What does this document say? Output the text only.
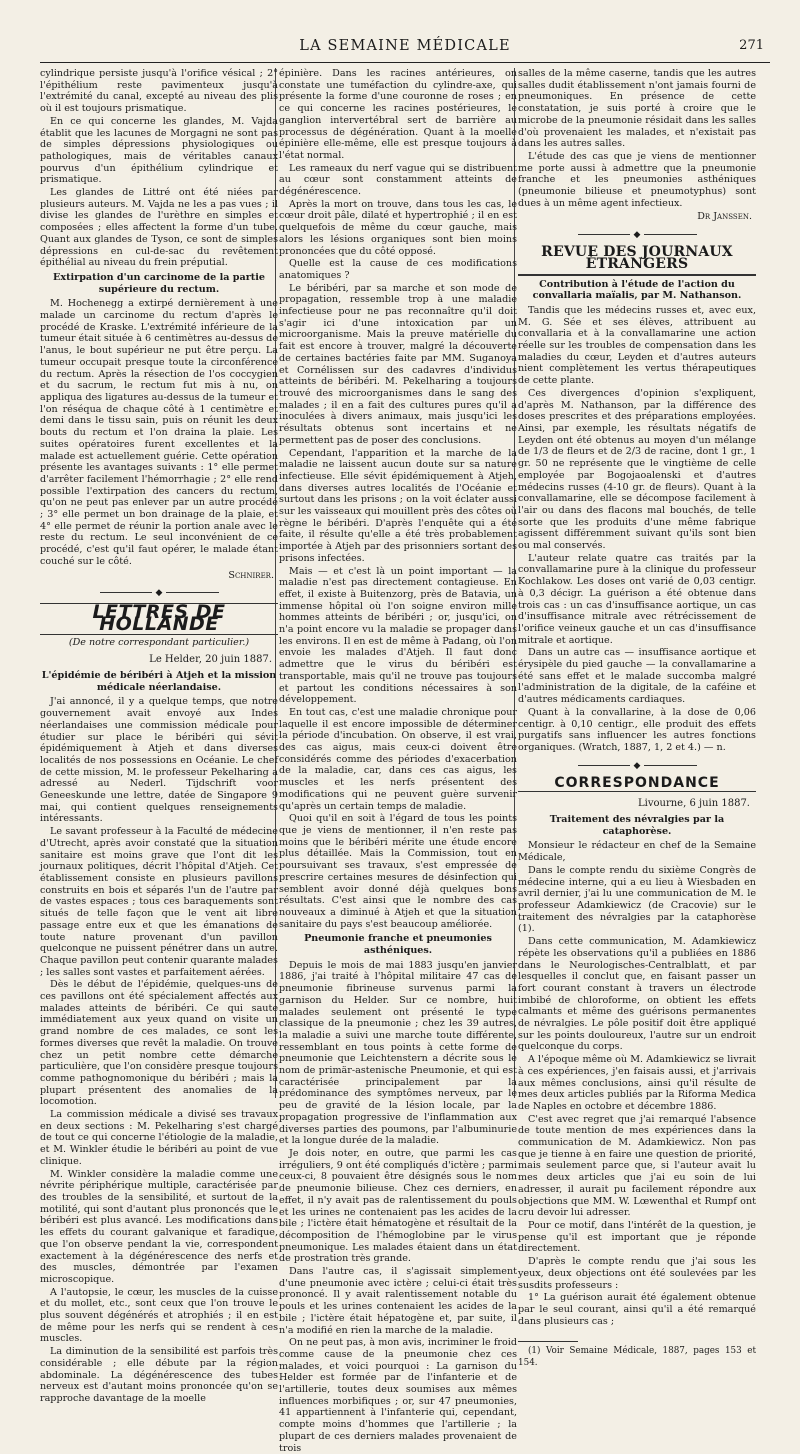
LA SEMAINE MÉDICALE	271

cylindrique persiste jusqu'à l'orifice vésical ; 2° l'épithélium reste pavimenteux jusqu'à l'extrémité du canal, excepté au niveau des plis où il est toujours prismatique.

En ce qui concerne les glandes, M. Vajda établit que les lacunes de Morgagni ne sont pas de simples dépressions physiologiques ou pathologiques, mais de véritables canaux pourvus d'un épithélium cylindrique et prismatique.

Les glandes de Littré ont été niées par plusieurs auteurs. M. Vajda ne les a pas vues ; il divise les glandes de l'urèthre en simples et composées ; elles affectent la forme d'un tube. Quant aux glandes de Tyson, ce sont de simples dépressions en cul-de-sac du revêtement épithélial au niveau du frein préputial.

Extirpation d'un carcinome de la partie supérieure du rectum.

M. Hochenegg a extirpé dernièrement à une malade un carcinome du rectum d'après le procédé de Kraske. L'extrémité inférieure de la tumeur était située à 6 centimètres au-dessus de l'anus, le bout supérieur ne put être perçu. La tumeur occupait presque toute la circonférence du rectum. Après la résection de l'os coccygien et du sacrum, le rectum fut mis à nu, on appliqua des ligatures au-dessus de la tumeur et l'on réséqua de chaque côté à 1 centimètre et demi dans le tissu sain, puis on réunit les deux bouts du rectum et l'on draina la plaie. Les suites opératoires furent excellentes et la malade est actuellement guérie. Cette opération présente les avantages suivants : 1° elle permet d'arrêter facilement l'hémorrhagie ; 2° elle rend possible l'extirpation des cancers du rectum, qu'on ne peut pas enlever par un autre procédé ; 3° elle permet un bon drainage de la plaie, et 4° elle permet de réunir la portion anale avec le reste du rectum. Le seul inconvénient de ce procédé, c'est qu'il faut opérer, le malade étant couché sur le côté.

Schnirer.
◆
LETTRES DE HOLLANDE
(De notre correspondant particulier.)
Le Helder, 20 juin 1887.
L'épidémie de béribéri à Atjeh et la mission médicale néerlandaise.

J'ai annoncé, il y a quelque temps, que notre gouvernement avait envoyé aux Indes néerlandaises une commission médicale pour étudier sur place le béribéri qui sévit épidémiquement à Atjeh et dans diverses localités de nos possessions en Océanie. Le chef de cette mission, M. le professeur Pekelharing a adressé au Nederl. Tijdschrift voor Geneeskunde une lettre, datée de Singapore 9 mai, qui contient quelques renseignements intéressants.

Le savant professeur à la Faculté de médecine d'Utrecht, après avoir constaté que la situation sanitaire est moins grave que l'ont dit les journaux politiques, décrit l'hôpital d'Atjeh. Cet établissement consiste en plusieurs pavillons construits en bois et séparés l'un de l'autre par de vastes espaces ; tous ces baraquements sont situés de telle façon que le vent ait libre passage entre eux et que les émanations de toute nature provenant d'un pavillon quelconque ne puissent pénétrer dans un autre. Chaque pavillon peut contenir quarante malades ; les salles sont vastes et parfaitement aérées.

Dès le début de l'épidémie, quelques-uns de ces pavillons ont été spécialement affectés aux malades atteints de béribéri. Ce qui saute immédiatement aux yeux quand on visite un grand nombre de ces malades, ce sont les formes diverses que revêt la maladie. On trouve chez un petit nombre cette démarche particulière, que l'on considère presque toujours comme pathognomonique du béribéri ; mais la plupart présentent des anomalies de la locomotion.

La commission médicale a divisé ses travaux en deux sections : M. Pekelharing s'est chargé de tout ce qui concerne l'étiologie de la maladie, et M. Winkler étudie le béribéri au point de vue clinique.

M. Winkler considère la maladie comme une névrite périphérique multiple, caractérisée par des troubles de la sensibilité, et surtout de la motilité, qui sont d'autant plus prononcés que le béribéri est plus avancé. Les modifications dans les effets du courant galvanique et faradique, que l'on observe pendant la vie, correspondent exactement à la dégénérescence des nerfs et des muscles, démontrée par l'examen microscopique.

A l'autopsie, le cœur, les muscles de la cuisse et du mollet, etc., sont ceux que l'on trouve le plus souvent dégénérés et atrophiés ; il en est de même pour les nerfs qui se rendent à ces muscles.

La diminution de la sensibilité est parfois très considérable ; elle débute par la région abdominale. La dégénérescence des tubes nerveux est d'autant moins prononcée qu'on se rapproche davantage de la moelle

épinière. Dans les racines antérieures, on constate une tuméfaction du cylindre-axe, qui présente la forme d'une couronne de roses ; en ce qui concerne les racines postérieures, le ganglion intervertébral sert de barrière au processus de dégénération. Quant à la moelle épinière elle-même, elle est presque toujours à l'état normal.

Les rameaux du nerf vague qui se distribuent au cœur sont constamment atteints de dégénérescence.

Après la mort on trouve, dans tous les cas, le cœur droit pâle, dilaté et hypertrophié ; il en est quelquefois de même du cœur gauche, mais alors les lésions organiques sont bien moins prononcées que du côté opposé.

Quelle est la cause de ces modifications anatomiques ?

Le béribéri, par sa marche et son mode de propagation, ressemble trop à une maladie infectieuse pour ne pas reconnaître qu'il doit s'agir ici d'une intoxication par un microorganisme. Mais la preuve matérielle du fait est encore à trouver, malgré la découverte de certaines bactéries faite par MM. Suganoya et Cornélissen sur des cadavres d'individus atteints de béribéri. M. Pekelharing a toujours trouvé des microorganismes dans le sang des malades ; il en a fait des cultures pures qu'il a inoculées à divers animaux, mais jusqu'ici les résultats obtenus sont incertains et ne permettent pas de poser des conclusions.

Cependant, l'apparition et la marche de la maladie ne laissent aucun doute sur sa nature infectieuse. Elle sévit épidémiquement à Atjeh, dans diverses autres localités de l'Océanie et surtout dans les prisons ; on la voit éclater aussi sur les vaisseaux qui mouillent près des côtes où règne le béribéri. D'après l'enquête qui a été faite, il résulte qu'elle a été très probablement importée à Atjeh par des prisonniers sortant des prisons infectées.

Mais — et c'est là un point important — la maladie n'est pas directement contagieuse. En effet, il existe à Buitenzorg, près de Batavia, un immense hôpital où l'on soigne environ mille hommes atteints de béribéri ; or, jusqu'ici, on n'a point encore vu la maladie se propager dans les environs. Il en est de même à Padang, où l'on envoie les malades d'Atjeh. Il faut donc admettre que le virus du béribéri est transportable, mais qu'il ne trouve pas toujours et partout les conditions nécessaires à son développement.

En tout cas, c'est une maladie chronique pour laquelle il est encore impossible de déterminer la période d'incubation. On observe, il est vrai, des cas aigus, mais ceux-ci doivent être considérés comme des périodes d'exacerbation de la maladie, car, dans ces cas aigus, les muscles et les nerfs présentent des modifications qui ne peuvent guère survenir qu'après un certain temps de maladie.

Quoi qu'il en soit à l'égard de tous les points que je viens de mentionner, il n'en reste pas moins que le béribéri mérite une étude encore plus détaillée. Mais la Commission, tout en poursuivant ses travaux, s'est empressée de prescrire certaines mesures de désinfection qui semblent avoir donné déjà quelques bons résultats. C'est ainsi que le nombre des cas nouveaux a diminué à Atjeh et que la situation sanitaire du pays s'est beaucoup améliorée.

Pneumonie franche et pneumonies asthéniques.

Depuis le mois de mai 1883 jusqu'en janvier 1886, j'ai traité à l'hôpital militaire 47 cas de pneumonie fibrineuse survenus parmi la garnison du Helder. Sur ce nombre, huit malades seulement ont présenté le type classique de la pneumonie ; chez les 39 autres, la maladie a suivi une marche toute différente, ressemblant en tous points à cette forme de pneumonie que Leichtenstern a décrite sous le nom de primär-astenische Pneumonie, et qui est caractérisée principalement par la prédominance des symptômes nerveux, par le peu de gravité de la lésion locale, par la propagation progressive de l'inflammation aux diverses parties des poumons, par l'albuminurie et la longue durée de la maladie.

Je dois noter, en outre, que parmi les cas irréguliers, 9 ont été compliqués d'ictère ; parmi ceux-ci, 8 pouvaient être désignés sous le nom de pneumonie bilieuse. Chez ces derniers, en effet, il n'y avait pas de ralentissement du pouls et les urines ne contenaient pas les acides de la bile ; l'ictère était hématogène et résultait de la décomposition de l'hémoglobine par le virus pneumonique. Les malades étaient dans un état de prostration très grande.

Dans l'autre cas, il s'agissait simplement d'une pneumonie avec ictère ; celui-ci était très prononcé. Il y avait ralentissement notable du pouls et les urines contenaient les acides de la bile ; l'ictère était hépatogène et, par suite, il n'a modifié en rien la marche de la maladie.

On ne peut pas, à mon avis, incriminer le froid comme cause de la pneumonie chez ces malades, et voici pourquoi : La garnison du Helder est formée par de l'infanterie et de l'artillerie, toutes deux soumises aux mêmes influences morbifiques ; or, sur 47 pneumonies, 41 appartiennent à l'infanterie qui, cependant, compte moins d'hommes que l'artillerie ; la plupart de ces derniers malades provenaient de trois

salles de la même caserne, tandis que les autres salles dudit établissement n'ont jamais fourni de pneumoniques. En présence de cette constatation, je suis porté à croire que le microbe de la pneumonie résidait dans les salles d'où provenaient les malades, et n'existait pas dans les autres salles.

L'étude des cas que je viens de mentionner me porte aussi à admettre que la pneumonie franche et les pneumonies asthéniques (pneumonie bilieuse et pneumotyphus) sont dues à un même agent infectieux.

Dr Janssen.
◆
REVUE DES JOURNAUX ÉTRANGERS
Contribution à l'étude de l'action du convallaria maïalis, par M. Nathanson.

Tandis que les médecins russes et, avec eux, M. G. Sée et ses élèves, attribuent au convallaria et à la convallamarine une action réelle sur les troubles de compensation dans les maladies du cœur, Leyden et d'autres auteurs nient complètement les vertus thérapeutiques de cette plante.

Ces divergences d'opinion s'expliquent, d'après M. Nathanson, par la différence des doses prescrites et des préparations employées. Ainsi, par exemple, les résultats négatifs de Leyden ont été obtenus au moyen d'un mélange de 1/3 de fleurs et de 2/3 de racine, dont 1 gr., 1 gr. 50 ne représente que le vingtième de celle employée par Bogojaoalenski et d'autres médecins russes (4-10 gr. de fleurs). Quant à la convallamarine, elle se décompose facilement à l'air ou dans des flacons mal bouchés, de telle sorte que les produits d'une même fabrique agissent différemment suivant qu'ils sont bien ou mal conservés.

L'auteur relate quatre cas traités par la convallamarine pure à la clinique du professeur Kochlakow. Les doses ont varié de 0,03 centigr. à 0,3 décigr. La guérison a été obtenue dans trois cas : un cas d'insuffisance aortique, un cas d'insuffisance mitrale avec rétrécissement de l'orifice veineux gauche et un cas d'insuffisance mitrale et aortique.

Dans un autre cas — insuffisance aortique et érysipèle du pied gauche — la convallamarine a été sans effet et le malade succomba malgré l'administration de la digitale, de la caféine et d'autres médicaments cardiaques.

Quant à la convallarine, à la dose de 0,06 centigr. à 0,10 centigr., elle produit des effets purgatifs sans influencer les autres fonctions organiques. (Wratch, 1887, 1, 2 et 4.) — n.

◆
CORRESPONDANCE
Livourne, 6 juin 1887.
Traitement des névralgies par la cataphorèse.

Monsieur le rédacteur en chef de la Semaine Médicale,

Dans le compte rendu du sixième Congrès de médecine interne, qui a eu lieu à Wiesbaden en avril dernier, j'ai lu une communication de M. le professeur Adamkiewicz (de Cracovie) sur le traitement des névralgies par la cataphorèse (1).

Dans cette communication, M. Adamkiewicz répète les observations qu'il a publiées en 1886 dans le Neurologisches-Centralblatt, et par lesquelles il conclut que, en faisant passer un fort courant constant à travers un électrode imbibé de chloroforme, on obtient les effets calmants et même des guérisons permanentes de névralgies. Le pôle positif doit être appliqué sur les points douloureux, l'autre sur un endroit quelconque du corps.

A l'époque même où M. Adamkiewicz se livrait à ces expériences, j'en faisais aussi, et j'arrivais aux mêmes conclusions, ainsi qu'il résulte de mes deux articles publiés par la Riforma Medica de Naples en octobre et décembre 1886.

C'est avec regret que j'ai remarqué l'absence de toute mention de mes expériences dans la communication de M. Adamkiewicz. Non pas que je tienne à en faire une question de priorité, mais seulement parce que, si l'auteur avait lu mes deux articles que j'ai eu soin de lui adresser, il aurait pu facilement répondre aux objections que MM. W. Lœwenthal et Rumpf ont cru devoir lui adresser.

Pour ce motif, dans l'intérêt de la question, je pense qu'il est important que je réponde directement.

D'après le compte rendu que j'ai sous les yeux, deux objections ont été soulevées par les susdits professeurs :

1° La guérison aurait été également obtenue par le seul courant, ainsi qu'il a été remarqué dans plusieurs cas ;

(1) Voir Semaine Médicale, 1887, pages 153 et 154.
